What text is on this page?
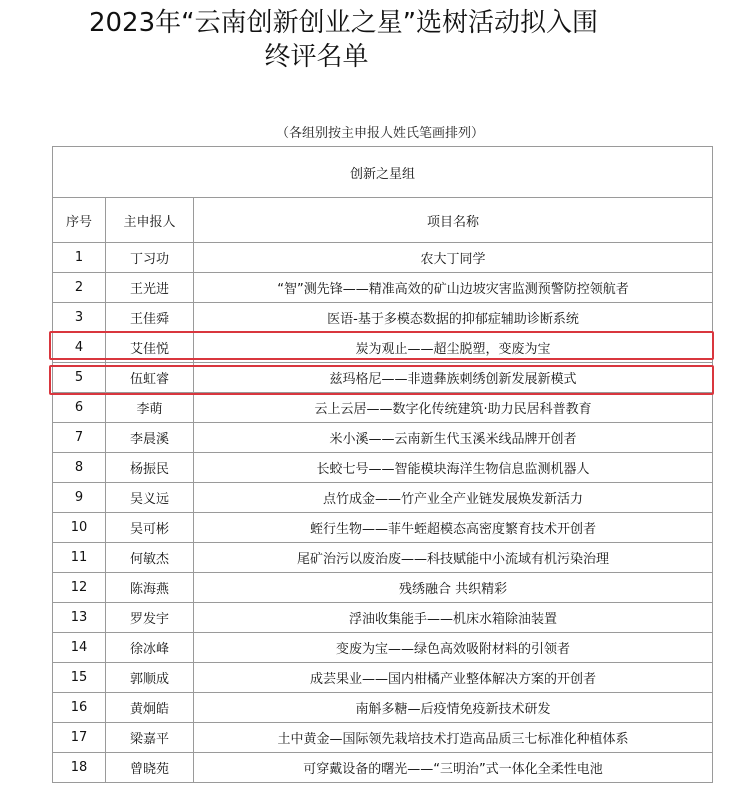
2023年“云南创新创业之星”选树活动拟入围
终评名单
（各组别按主申报人姓氏笔画排列）
创新之星组		
序号	主申报人	项目名称
1	丁习功	农大丁同学
2	王光进	“智”测先锋——精准高效的矿山边坡灾害监测预警防控领航者
3	王佳舜	医语-基于多模态数据的抑郁症辅助诊断系统
4	艾佳悦	炭为观止——超尘脱塑，变废为宝
5	伍虹睿	兹玛格尼——非遗彝族刺绣创新发展新模式
6	李萌	云上云居——数字化传统建筑·助力民居科普教育
7	李晨溪	米小溪——云南新生代玉溪米线品牌开创者
8	杨振民	长蛟七号——智能模块海洋生物信息监测机器人
9	吴义远	点竹成金——竹产业全产业链发展焕发新活力
10	吴可彬	蛭行生物——菲牛蛭超模态高密度繁育技术开创者
11	何敏杰	尾矿治污以废治废——科技赋能中小流域有机污染治理
12	陈海燕	残绣融合 共织精彩
13	罗发宇	浮油收集能手——机床水箱除油装置
14	徐冰峰	变废为宝——绿色高效吸附材料的引领者
15	郭顺成	成芸果业——国内柑橘产业整体解决方案的开创者
16	黄炯皓	南斛多糖—后疫情免疫新技术研发
17	梁嘉平	土中黄金—国际领先栽培技术打造高品质三七标准化种植体系
18	曾晓苑	可穿戴设备的曙光——“三明治”式一体化全柔性电池
